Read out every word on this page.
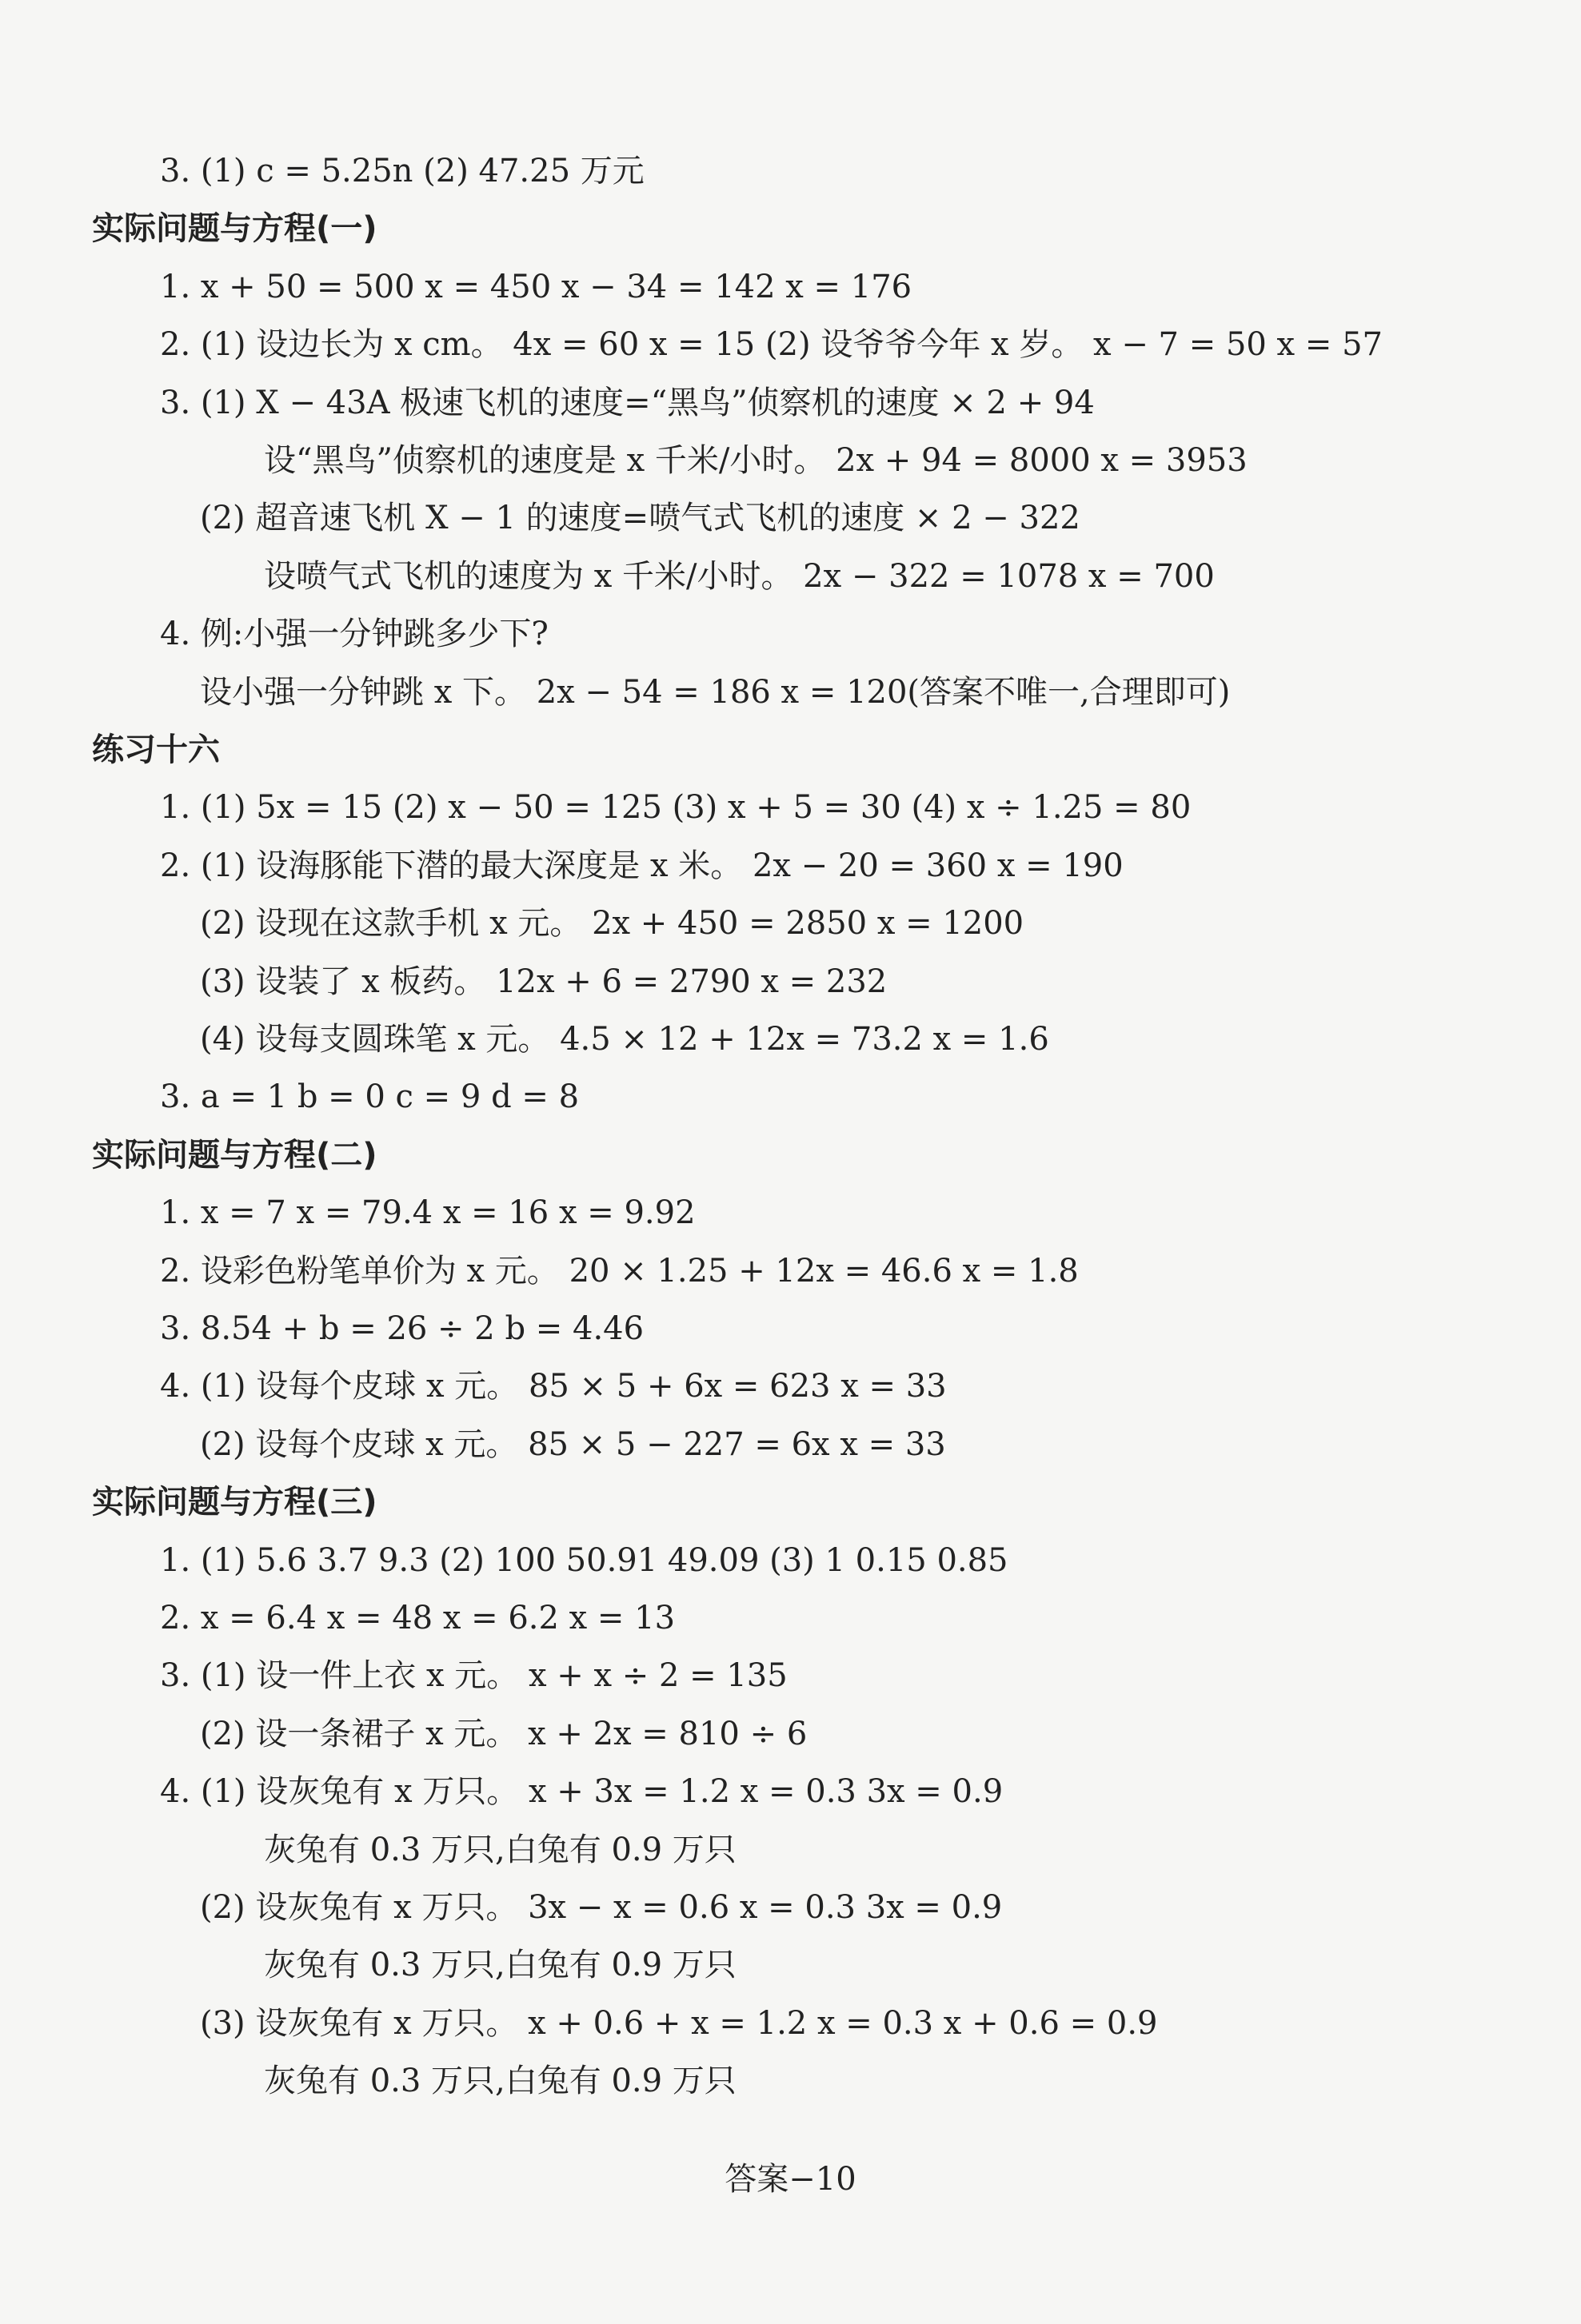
3. (1) c = 5.25n (2) 47.25 万元
实际问题与方程(一)
1. x + 50 = 500 x = 450 x − 34 = 142 x = 176
2. (1) 设边长为 x cm。 4x = 60 x = 15 (2) 设爷爷今年 x 岁。 x − 7 = 50 x = 57
3. (1) X − 43A 极速飞机的速度=“黑鸟”侦察机的速度 × 2 + 94
设“黑鸟”侦察机的速度是 x 千米/小时。 2x + 94 = 8000 x = 3953
(2) 超音速飞机 X − 1 的速度=喷气式飞机的速度 × 2 − 322
设喷气式飞机的速度为 x 千米/小时。 2x − 322 = 1078 x = 700
4. 例:小强一分钟跳多少下?
设小强一分钟跳 x 下。 2x − 54 = 186 x = 120(答案不唯一,合理即可)
练习十六
1. (1) 5x = 15 (2) x − 50 = 125 (3) x + 5 = 30 (4) x ÷ 1.25 = 80
2. (1) 设海豚能下潜的最大深度是 x 米。 2x − 20 = 360 x = 190
(2) 设现在这款手机 x 元。 2x + 450 = 2850 x = 1200
(3) 设装了 x 板药。 12x + 6 = 2790 x = 232
(4) 设每支圆珠笔 x 元。 4.5 × 12 + 12x = 73.2 x = 1.6
3. a = 1 b = 0 c = 9 d = 8
实际问题与方程(二)
1. x = 7 x = 79.4 x = 16 x = 9.92
2. 设彩色粉笔单价为 x 元。 20 × 1.25 + 12x = 46.6 x = 1.8
3. 8.54 + b = 26 ÷ 2 b = 4.46
4. (1) 设每个皮球 x 元。 85 × 5 + 6x = 623 x = 33
(2) 设每个皮球 x 元。 85 × 5 − 227 = 6x x = 33
实际问题与方程(三)
1. (1) 5.6 3.7 9.3 (2) 100 50.91 49.09 (3) 1 0.15 0.85
2. x = 6.4 x = 48 x = 6.2 x = 13
3. (1) 设一件上衣 x 元。 x + x ÷ 2 = 135
(2) 设一条裙子 x 元。 x + 2x = 810 ÷ 6
4. (1) 设灰兔有 x 万只。 x + 3x = 1.2 x = 0.3 3x = 0.9
灰兔有 0.3 万只,白兔有 0.9 万只
(2) 设灰兔有 x 万只。 3x − x = 0.6 x = 0.3 3x = 0.9
灰兔有 0.3 万只,白兔有 0.9 万只
(3) 设灰兔有 x 万只。 x + 0.6 + x = 1.2 x = 0.3 x + 0.6 = 0.9
灰兔有 0.3 万只,白兔有 0.9 万只
答案−10
